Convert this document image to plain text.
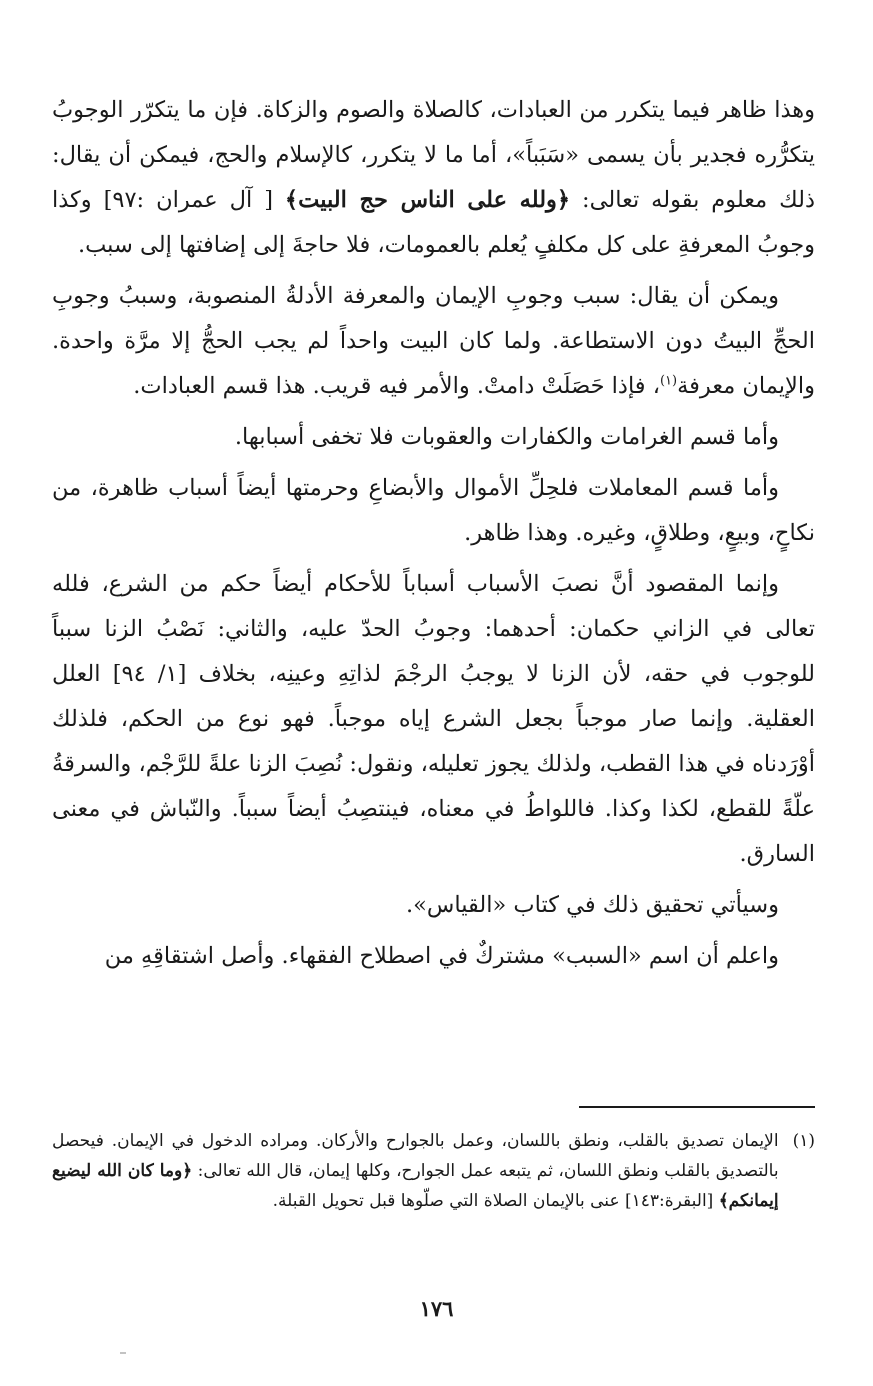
وهذا ظاهر فيما يتكرر من العبادات، كالصلاة والصوم والزكاة. فإن ما يتكرّر الوجوبُ يتكرُّره فجدير بأن يسمى «سَبَباً»، أما ما لا يتكرر، كالإسلام والحج، فيمكن أن يقال: ذلك معلوم بقوله تعالى: ﴿ولله على الناس حج البيت﴾ [ آل عمران :٩٧] وكذا وجوبُ المعرفةِ على كل مكلفٍ يُعلم بالعمومات، فلا حاجةَ إلى إضافتها إلى سبب.

ويمكن أن يقال: سبب وجوبِ الإيمان والمعرفة الأدلةُ المنصوبة، وسببُ وجوبِ الحجِّ البيتُ دون الاستطاعة. ولما كان البيت واحداً لم يجب الحجُّ إلا مرَّة واحدة. والإيمان معرفة$^{(١)}$، فإذا حَصَلَتْ دامتْ. والأمر فيه قريب. هذا قسم العبادات.

وأما قسم الغرامات والكفارات والعقوبات فلا تخفى أسبابها.

وأما قسم المعاملات فلحِلِّ الأموال والأبضاعِ وحرمتها أيضاً أسباب ظاهرة، من نكاحٍ، وبيعٍ، وطلاقٍ، وغيره. وهذا ظاهر.

وإنما المقصود أنَّ نصبَ الأسباب أسباباً للأحكام أيضاً حكم من الشرع، فلله تعالى في الزاني حكمان: أحدهما: وجوبُ الحدّ عليه، والثاني: نَصْبُ الزنا سبباً للوجوب في حقه، لأن الزنا لا يوجبُ الرجْمَ لذاتِهِ وعينِه، بخلاف [١/ ٩٤] العلل العقلية. وإنما صار موجباً بجعل الشرع إياه موجباً. فهو نوع من الحكم، فلذلك أوْرَدناه في هذا القطب، ولذلك يجوز تعليله، ونقول: نُصِبَ الزنا علةً للرَّجْم، والسرقةُ علّةً للقطع، لكذا وكذا. فاللواطُ في معناه، فينتصِبُ أيضاً سبباً. والنّباش في معنى السارق.

وسيأتي تحقيق ذلك في كتاب «القياس».

واعلم أن اسم «السبب» مشتركٌ في اصطلاح الفقهاء. وأصل اشتقاقِهِ من

(١)
الإيمان تصديق بالقلب، ونطق باللسان، وعمل بالجوارح والأركان. ومراده الدخول في الإيمان. فيحصل بالتصديق بالقلب ونطق اللسان، ثم يتبعه عمل الجوارح، وكلها إيمان، قال الله تعالى: ﴿وما كان الله ليضيع إيمانكم﴾ [البقرة:١٤٣] عنى بالإيمان الصلاة التي صلّوها قبل تحويل القبلة.
١٧٦
